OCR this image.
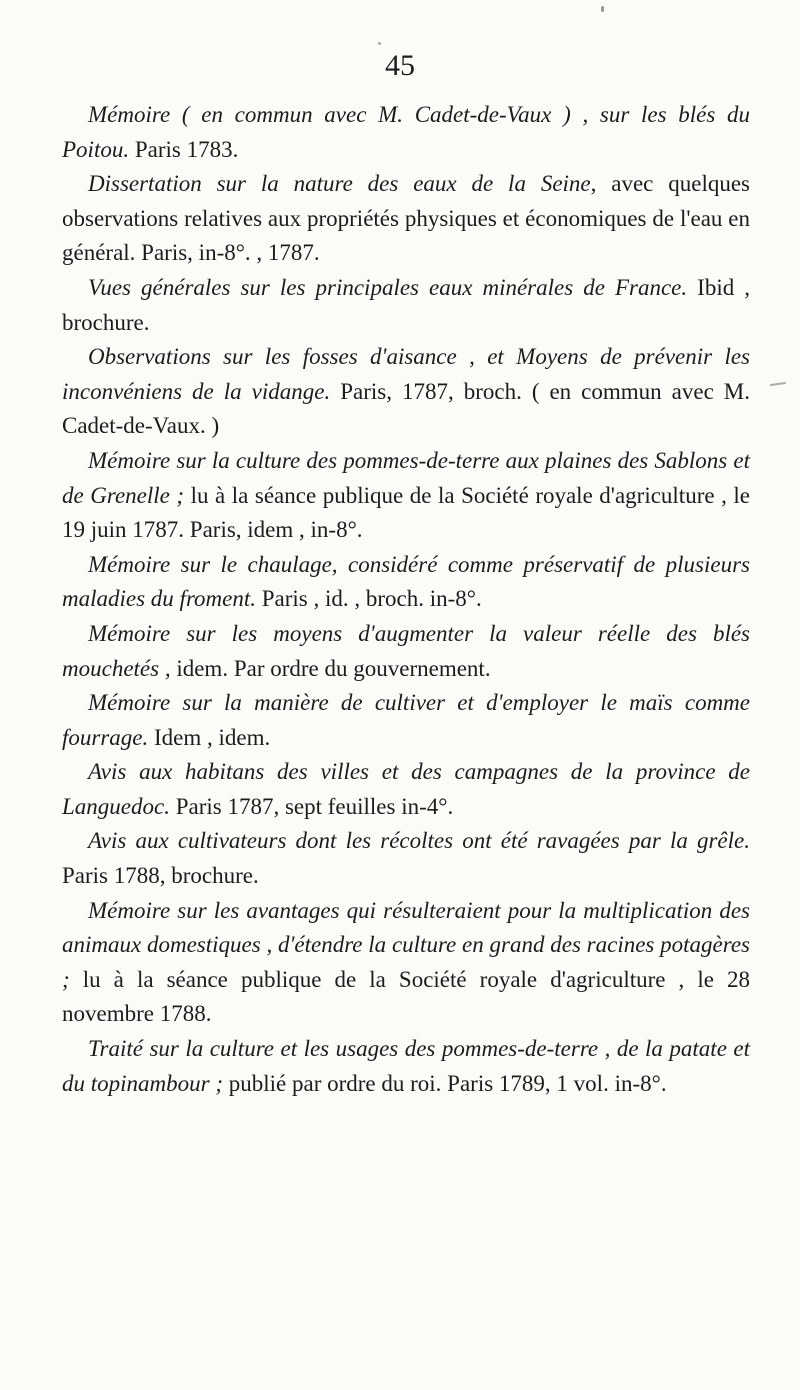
45

Mémoire ( en commun avec M. Cadet-de-Vaux ) , sur les blés du Poitou. Paris 1783.

Dissertation sur la nature des eaux de la Seine, avec quelques observations relatives aux propriétés physiques et économiques de l'eau en général. Paris, in-8°. , 1787.

Vues générales sur les principales eaux minérales de France. Ibid , brochure.

Observations sur les fosses d'aisance , et Moyens de prévenir les inconvéniens de la vidange. Paris, 1787, broch. ( en commun avec M. Cadet-de-Vaux. )

Mémoire sur la culture des pommes-de-terre aux plaines des Sablons et de Grenelle ; lu à la séance publique de la Société royale d'agriculture , le 19 juin 1787. Paris, idem , in-8°.

Mémoire sur le chaulage, considéré comme préservatif de plusieurs maladies du froment. Paris , id. , broch. in-8°.

Mémoire sur les moyens d'augmenter la valeur réelle des blés mouchetés , idem. Par ordre du gouvernement.

Mémoire sur la manière de cultiver et d'employer le maïs comme fourrage. Idem , idem.

Avis aux habitans des villes et des campagnes de la province de Languedoc. Paris 1787, sept feuilles in-4°.

Avis aux cultivateurs dont les récoltes ont été ravagées par la grêle. Paris 1788, brochure.

Mémoire sur les avantages qui résulteraient pour la multiplication des animaux domestiques , d'étendre la culture en grand des racines potagères ; lu à la séance publique de la Société royale d'agriculture , le 28 novembre 1788.

Traité sur la culture et les usages des pommes-de-terre , de la patate et du topinambour ; publié par ordre du roi. Paris 1789, 1 vol. in-8°.
